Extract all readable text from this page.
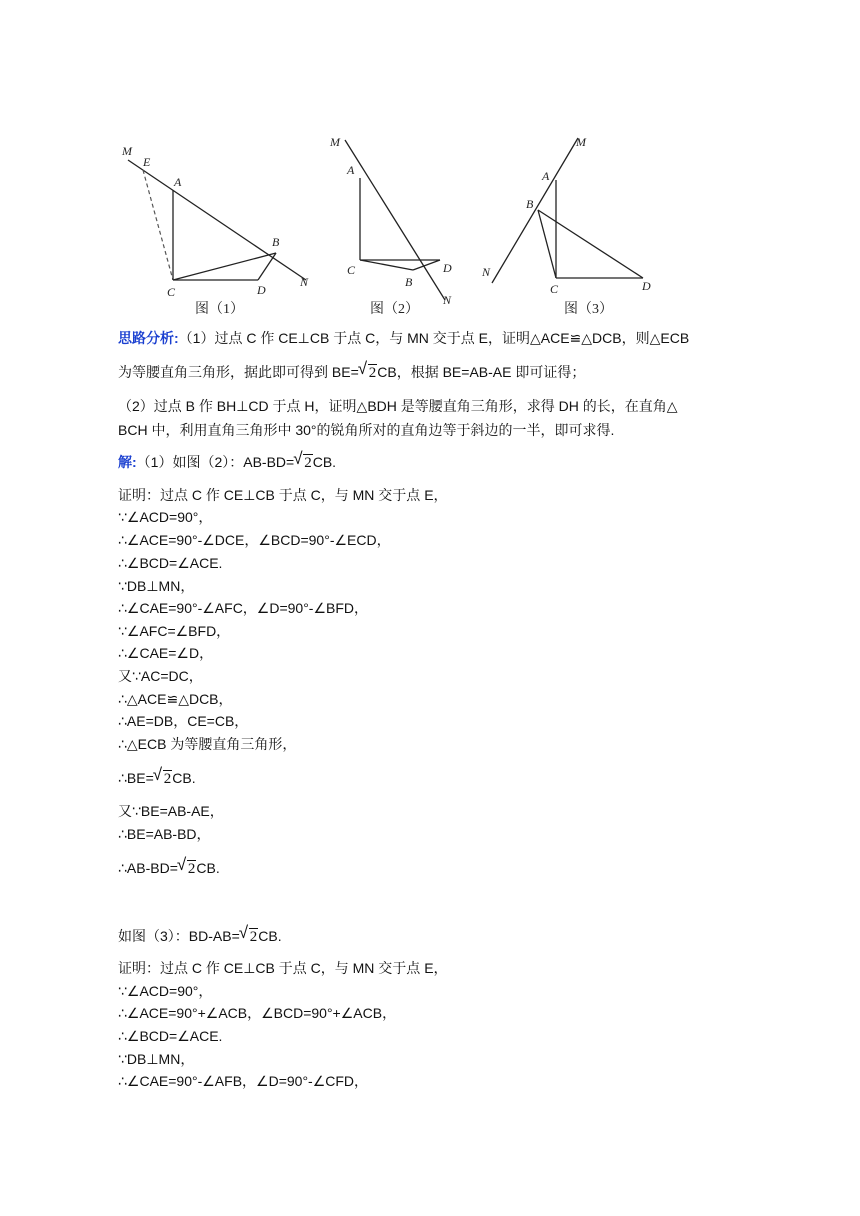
M
E
A
B
N
C	D
图（1）
M
A
C
B
D
N
图（2）
M
A
B
N
C	D
图（3）
思路分析:（1）过点 C 作 CE⊥CB 于点 C，与 MN 交于点 E，证明△ACE≌△DCB，则△ECB
为等腰直角三角形，据此即可得到 BE= √ 2CB，根据 BE=AB-AE 即可证得；
（2）过点 B 作 BH⊥CD 于点 H，证明△BDH 是等腰直角三角形，求得 DH 的长，在直角△
BCH 中，利用直角三角形中 30°的锐角所对的直角边等于斜边的一半，即可求得.
解:（1）如图（2）：AB-BD= √ 2CB.
证明：过点 C 作 CE⊥CB 于点 C，与 MN 交于点 E，
∵∠ACD=90°，
∴∠ACE=90°-∠DCE，∠BCD=90°-∠ECD，
∴∠BCD=∠ACE.
∵DB⊥MN，
∴∠CAE=90°-∠AFC，∠D=90°-∠BFD，
∵∠AFC=∠BFD，
∴∠CAE=∠D，
又∵AC=DC，
∴△ACE≌△DCB，
∴AE=DB，CE=CB，
∴△ECB 为等腰直角三角形，
∴BE= √ 2CB.
又∵BE=AB-AE，
∴BE=AB-BD，
∴AB-BD= √ 2CB.
如图（3）：BD-AB= √ 2CB.
证明：过点 C 作 CE⊥CB 于点 C，与 MN 交于点 E，
∵∠ACD=90°，
∴∠ACE=90°+∠ACB，∠BCD=90°+∠ACB，
∴∠BCD=∠ACE.
∵DB⊥MN，
∴∠CAE=90°-∠AFB，∠D=90°-∠CFD，
